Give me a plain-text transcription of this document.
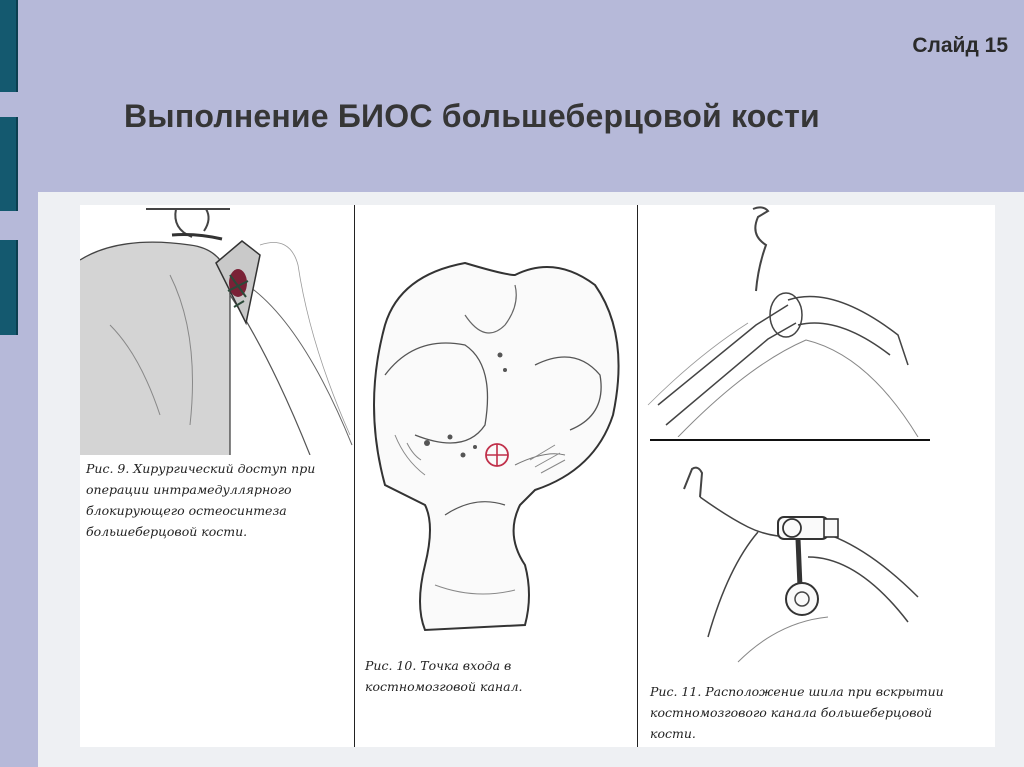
Слайд 15
Выполнение БИОС большеберцовой кости
Рис. 9. Хирургический доступ при
операции интрамедуллярного
блокирующего остеосинтеза
большеберцовой кости.
Рис. 10. Точка входа в
костномозговой канал.	Рис. 11. Расположение шила при вскрытии
костномозгового канала большеберцовой
кости.
